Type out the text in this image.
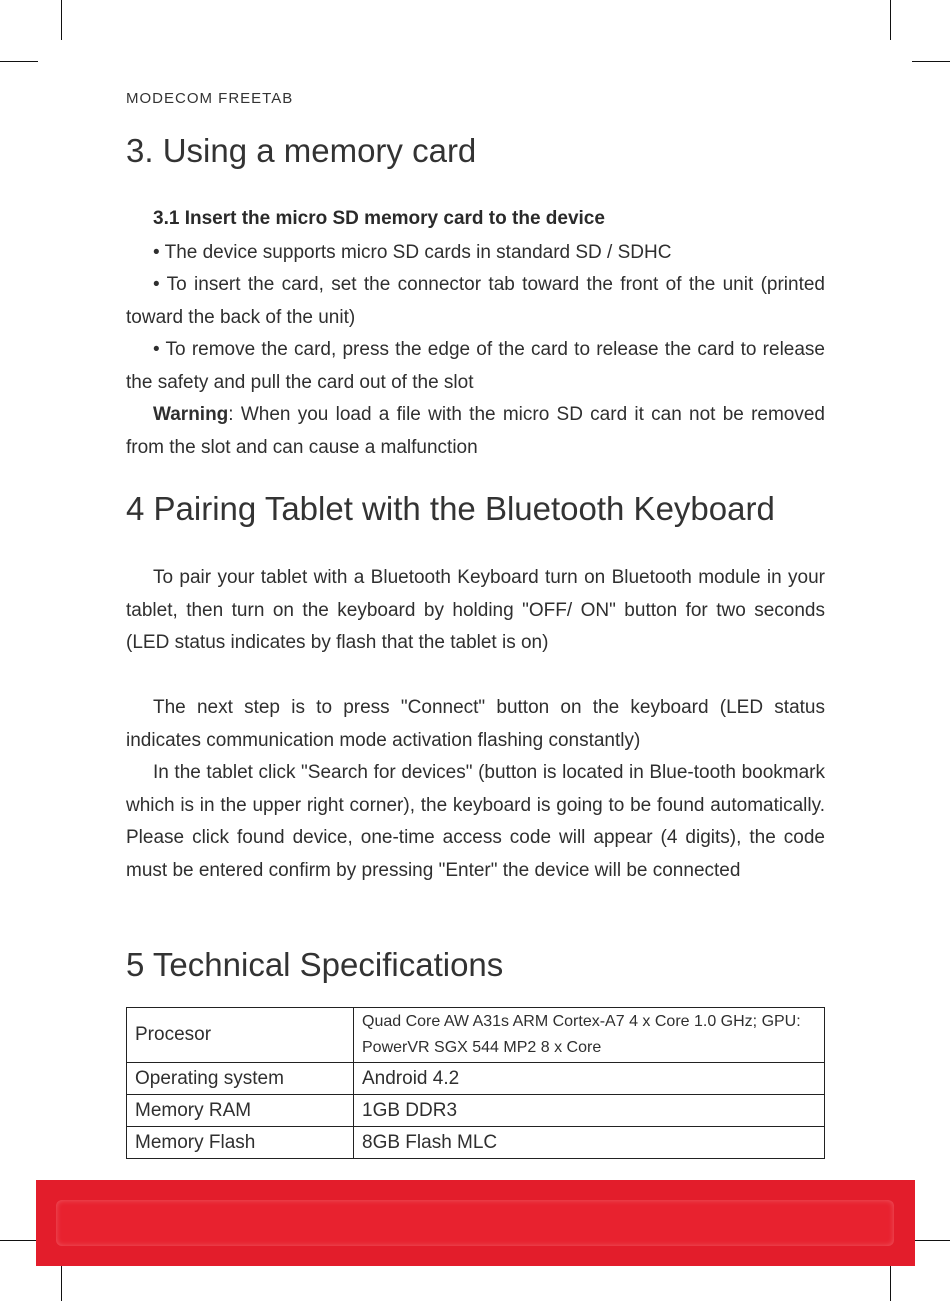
MODECOM FREETAB
3. Using a memory card
3.1 Insert the micro SD memory card to the device

• The device supports micro SD cards in standard SD / SDHC

• To insert the card, set the connector tab toward the front of the unit (printed toward the back of the unit)

• To remove the card, press the edge of the card to release the card to release the safety and pull the card out of the slot

Warning: When you load a file with the micro SD card it can not be removed from the slot and can cause a malfunction

4 Pairing Tablet with the Bluetooth Keyboard

To pair your tablet with a Bluetooth Keyboard turn on Bluetooth module in your tablet, then turn on the keyboard by holding "OFF/ ON" button for two seconds (LED status indicates by flash that the tablet is on)

The next step is to press "Connect" button on the keyboard (LED status indicates communication mode activation flashing constantly)

In the tablet click "Search for devices" (button is located in Blue-tooth bookmark which is in the upper right corner), the keyboard is going to be found automatically. Please click found device, one-time access code will appear (4 digits), the code must be entered confirm by pressing "Enter" the device will be connected

5 Technical Specifications
Procesor	Quad Core AW A31s ARM Cortex-A7 4 x Core 1.0 GHz; GPU: PowerVR SGX 544 MP2 8 x Core
Operating system	Android 4.2
Memory RAM	1GB DDR3
Memory Flash	8GB Flash MLC
